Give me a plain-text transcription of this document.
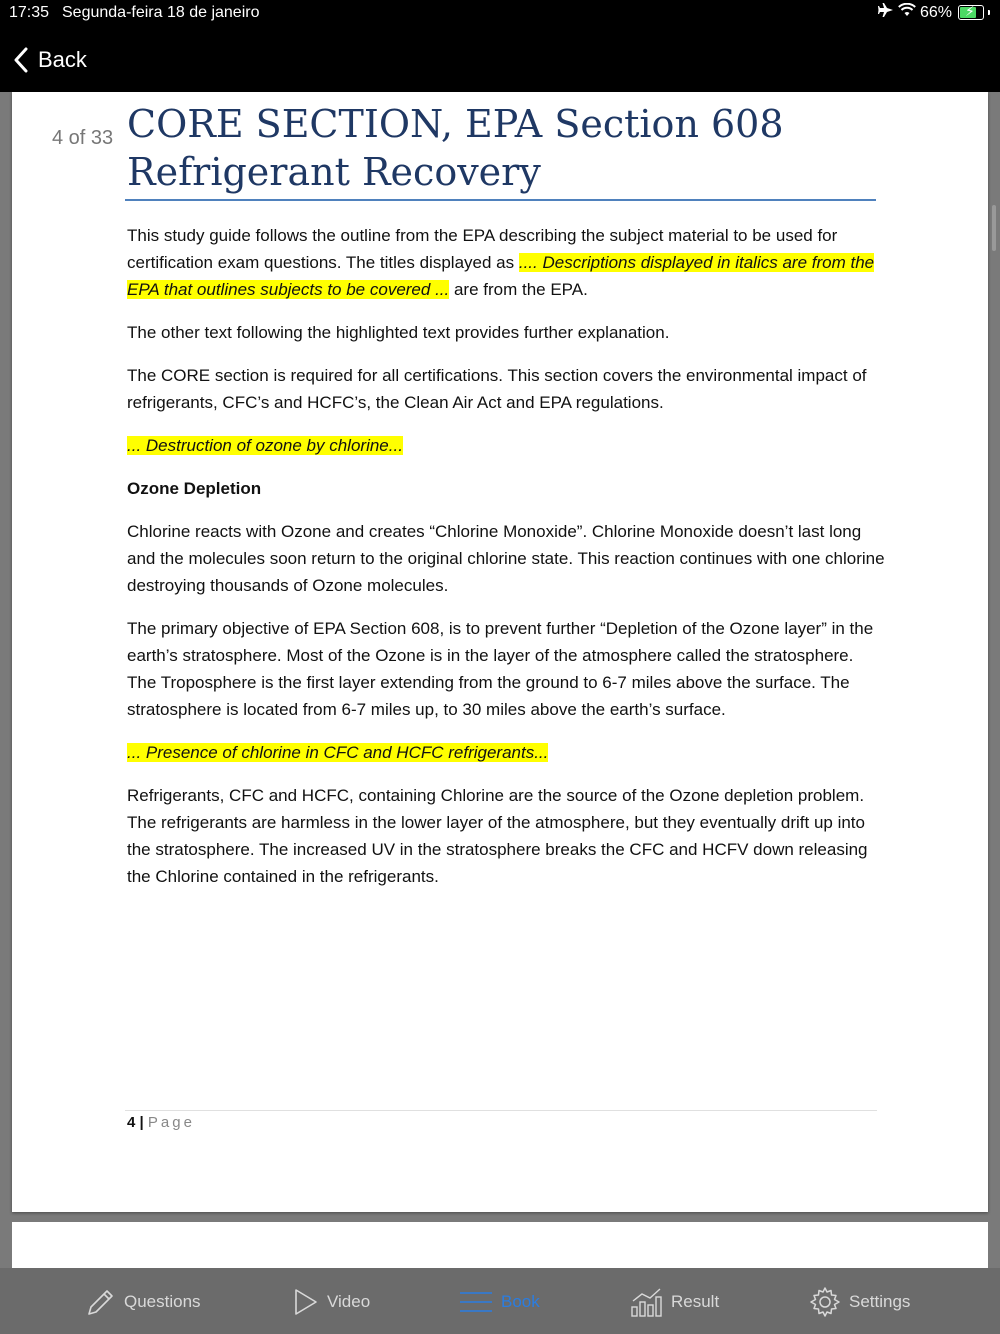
17:35 Segunda-feira 18 de janeiro	66% ⚡
Back
4 of 33 CORE SECTION, EPA Section 608 Refrigerant Recovery

This study guide follows the outline from the EPA describing the subject material to be used for certification exam questions. The titles displayed as .... Descriptions displayed in italics are from the EPA that outlines subjects to be covered ... are from the EPA.

The other text following the highlighted text provides further explanation.

The CORE section is required for all certifications. This section covers the environmental impact of refrigerants, CFC’s and HCFC’s, the Clean Air Act and EPA regulations.

... Destruction of ozone by chlorine...

Ozone Depletion

Chlorine reacts with Ozone and creates “Chlorine Monoxide”. Chlorine Monoxide doesn’t last long and the molecules soon return to the original chlorine state. This reaction continues with one chlorine destroying thousands of Ozone molecules.

The primary objective of EPA Section 608, is to prevent further “Depletion of the Ozone layer” in the earth’s stratosphere. Most of the Ozone is in the layer of the atmosphere called the stratosphere. The Troposphere is the first layer extending from the ground to 6-7 miles above the surface. The stratosphere is located from 6-7 miles up, to 30 miles above the earth’s surface.

... Presence of chlorine in CFC and HCFC refrigerants...

Refrigerants, CFC and HCFC, containing Chlorine are the source of the Ozone depletion problem. The refrigerants are harmless in the lower layer of the atmosphere, but they eventually drift up into the stratosphere. The increased UV in the stratosphere breaks the CFC and HCFV down releasing the Chlorine contained in the refrigerants.

4 | Page
Questions	Video	Book	Result	Settings
